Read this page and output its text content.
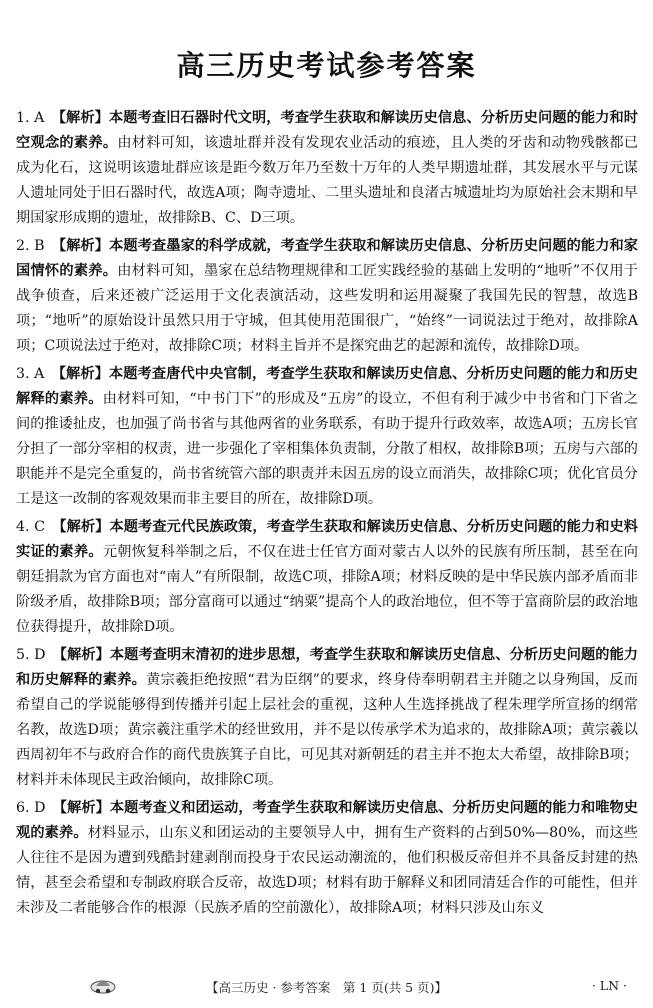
高三历史考试参考答案

1. A　 【解析】本题考查旧石器时代文明，考查学生获取和解读历史信息、分析历史问题的能力和时空观念的素养。由材料可知，该遗址群并没有发现农业活动的痕迹，且人类的牙齿和动物残骸都已成为化石，这说明该遗址群应该是距今数万年乃至数十万年的人类早期遗址群，其发展水平与元谋人遗址同处于旧石器时代，故选A项；陶寺遗址、二里头遗址和良渚古城遗址均为原始社会末期和早期国家形成期的遗址，故排除B、C、D三项。

2. B　 【解析】本题考查墨家的科学成就，考查学生获取和解读历史信息、分析历史问题的能力和家国情怀的素养。由材料可知，墨家在总结物理规律和工匠实践经验的基础上发明的“地听”不仅用于战争侦查，后来还被广泛运用于文化表演活动，这些发明和运用凝聚了我国先民的智慧，故选B项；“地听”的原始设计虽然只用于守城，但其使用范围很广，“始终”一词说法过于绝对，故排除A项；C项说法过于绝对，故排除C项；材料主旨并不是探究曲艺的起源和流传，故排除D项。

3. A　 【解析】本题考查唐代中央官制，考查学生获取和解读历史信息、分析历史问题的能力和历史解释的素养。由材料可知，“中书门下”的形成及“五房”的设立，不但有利于减少中书省和门下省之间的推诿扯皮，也加强了尚书省与其他两省的业务联系，有助于提升行政效率，故选A项；五房长官分担了一部分宰相的权责，进一步强化了宰相集体负责制，分散了相权，故排除B项；五房与六部的职能并不是完全重复的，尚书省统管六部的职责并未因五房的设立而消失，故排除C项；优化官员分工是这一改制的客观效果而非主要目的所在，故排除D项。

4. C　 【解析】本题考查元代民族政策，考查学生获取和解读历史信息、分析历史问题的能力和史料实证的素养。元朝恢复科举制之后，不仅在进士任官方面对蒙古人以外的民族有所压制，甚至在向朝廷捐款为官方面也对“南人”有所限制，故选C项，排除A项；材料反映的是中华民族内部矛盾而非阶级矛盾，故排除B项；部分富商可以通过“纳粟”提高个人的政治地位，但不等于富商阶层的政治地位获得提升，故排除D项。

5. D　 【解析】本题考查明末清初的进步思想，考查学生获取和解读历史信息、分析历史问题的能力和历史解释的素养。黄宗羲拒绝按照“君为臣纲”的要求，终身侍奉明朝君主并随之以身殉国，反而希望自己的学说能够得到传播并引起上层社会的重视，这种人生选择挑战了程朱理学所宣扬的纲常名教，故选D项；黄宗羲注重学术的经世致用，并不是以传承学术为追求的，故排除A项；黄宗羲以西周初年不与政府合作的商代贵族箕子自比，可见其对新朝廷的君主并不抱太大希望，故排除B项；材料并未体现民主政治倾向，故排除C项。

6. D　 【解析】本题考查义和团运动，考查学生获取和解读历史信息、分析历史问题的能力和唯物史观的素养。材料显示，山东义和团运动的主要领导人中，拥有生产资料的占到50%—80%，而这些人往往不是因为遭到残酷封建剥削而投身于农民运动潮流的，他们积极反帝但并不具备反封建的热情，甚至会希望和专制政府联合反帝，故选D项；材料有助于解释义和团同清廷合作的可能性，但并未涉及二者能够合作的根源（民族矛盾的空前激化），故排除A项；材料只涉及山东义

【高三历史 · 参考答案　第 1 页(共 5 页)】	· LN ·
